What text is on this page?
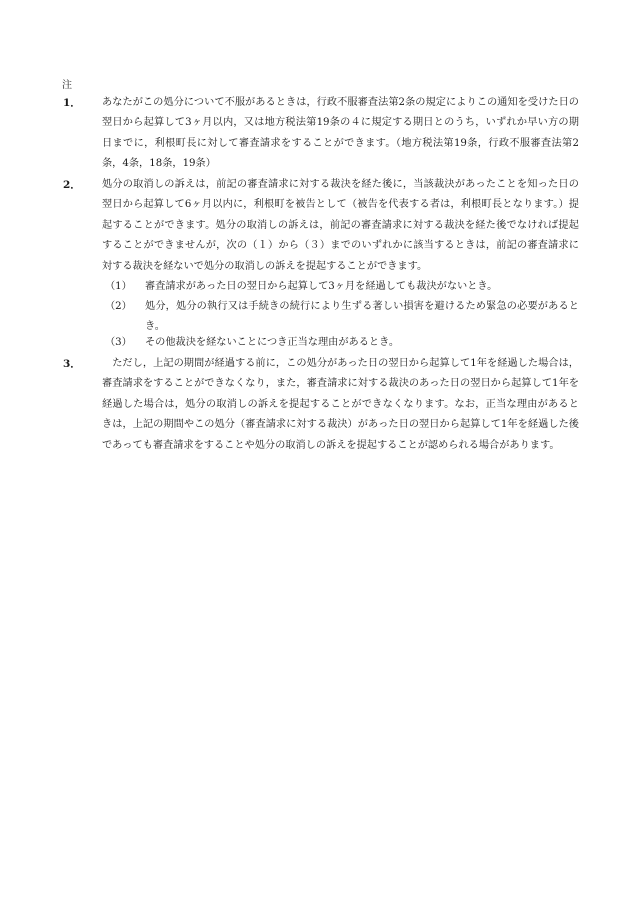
注
1． あなたがこの処分について不服があるときは，行政不服審査法第2条の規定によりこの通知を受けた日の翌日から起算して3ヶ月以内，又は地方税法第19条の４に規定する期日とのうち，いずれか早い方の期日までに，利根町長に対して審査請求をすることができます。（地方税法第19条，行政不服審査法第2条，4条，18条，19条）
2． 処分の取消しの訴えは，前記の審査請求に対する裁決を経た後に，当該裁決があったことを知った日の翌日から起算して6ヶ月以内に，利根町を被告として（被告を代表する者は，利根町長となります。）提起することができます。処分の取消しの訴えは，前記の審査請求に対する裁決を経た後でなければ提起することができませんが，次の（１）から（３）までのいずれかに該当するときは，前記の審査請求に対する裁決を経ないで処分の取消しの訴えを提起することができます。
（1） 審査請求があった日の翌日から起算して3ヶ月を経過しても裁決がないとき。
（2） 処分，処分の執行又は手続きの続行により生ずる著しい損害を避けるため緊急の必要があるとき。
（3） その他裁決を経ないことにつき正当な理由があるとき。
3．	ただし，上記の期間が経過する前に，この処分があった日の翌日から起算して1年を経過した場合は，審査請求をすることができなくなり，また，審査請求に対する裁決のあった日の翌日から起算して1年を経過した場合は，処分の取消しの訴えを提起することができなくなります。なお，正当な理由があるときは，上記の期間やこの処分（審査請求に対する裁決）があった日の翌日から起算して1年を経過した後であっても審査請求をすることや処分の取消しの訴えを提起することが認められる場合があります。
